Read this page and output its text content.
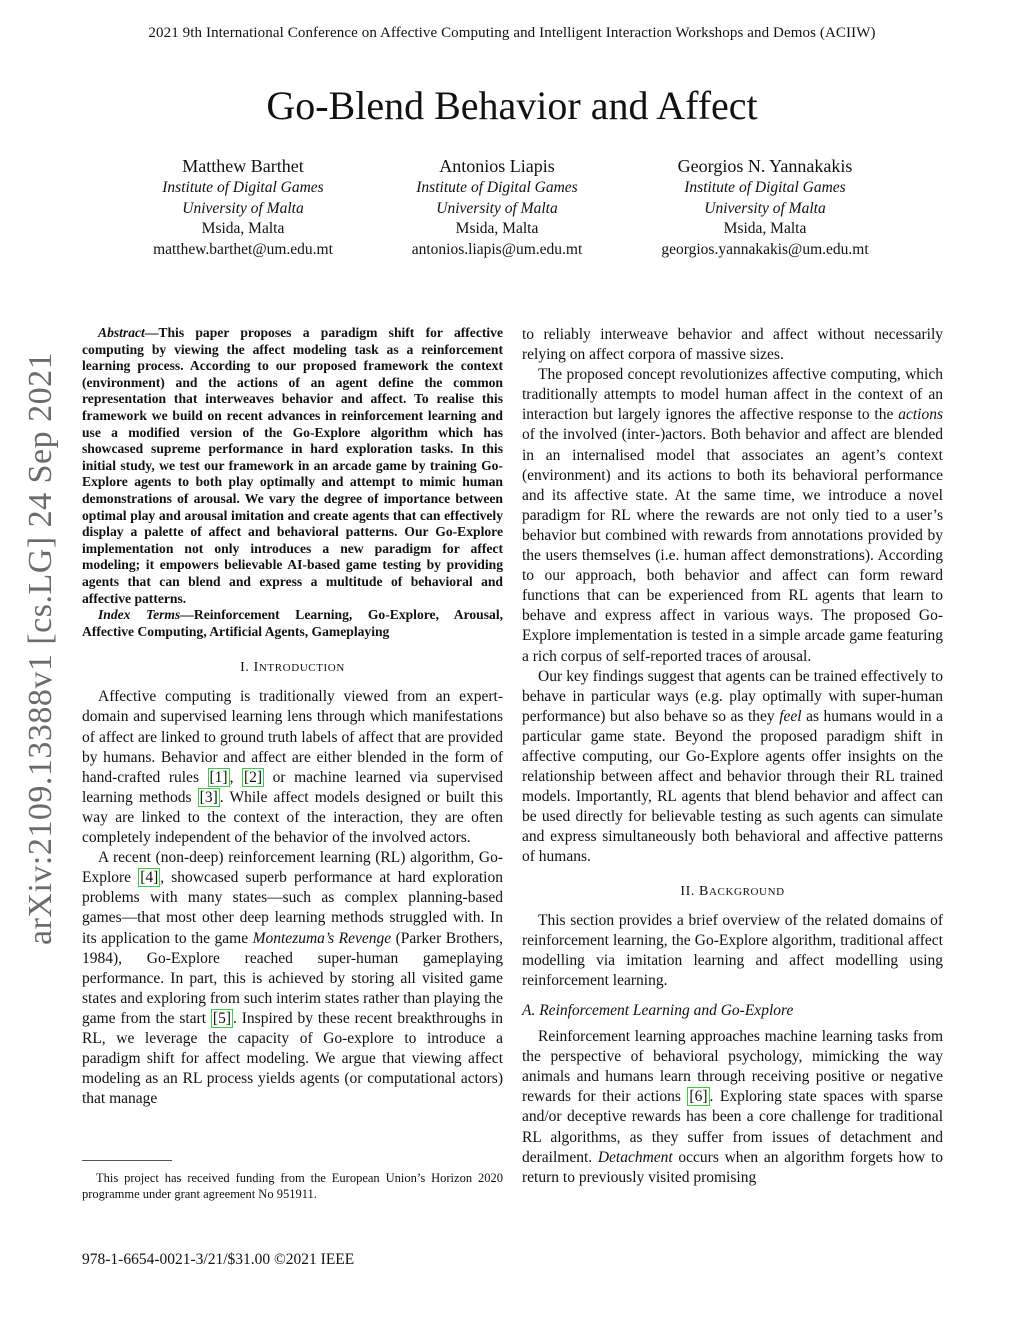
2021 9th International Conference on Affective Computing and Intelligent Interaction Workshops and Demos (ACIIW)
Go-Blend Behavior and Affect
Matthew Barthet
Institute of Digital Games
University of Malta
Msida, Malta
matthew.barthet@um.edu.mt
Antonios Liapis
Institute of Digital Games
University of Malta
Msida, Malta
antonios.liapis@um.edu.mt
Georgios N. Yannakakis
Institute of Digital Games
University of Malta
Msida, Malta
georgios.yannakakis@um.edu.mt
arXiv:2109.13388v1 [cs.LG] 24 Sep 2021

Abstract—This paper proposes a paradigm shift for affective computing by viewing the affect modeling task as a reinforcement learning process. According to our proposed framework the context (environment) and the actions of an agent define the common representation that interweaves behavior and affect. To realise this framework we build on recent advances in reinforcement learning and use a modified version of the Go-Explore algorithm which has showcased supreme performance in hard exploration tasks. In this initial study, we test our framework in an arcade game by training Go-Explore agents to both play optimally and attempt to mimic human demonstrations of arousal. We vary the degree of importance between optimal play and arousal imitation and create agents that can effectively display a palette of affect and behavioral patterns. Our Go-Explore implementation not only introduces a new paradigm for affect modeling; it empowers believable AI-based game testing by providing agents that can blend and express a multitude of behavioral and affective patterns.

Index Terms—Reinforcement Learning, Go-Explore, Arousal, Affective Computing, Artificial Agents, Gameplaying

I. INTRODUCTION

Affective computing is traditionally viewed from an expert-domain and supervised learning lens through which manifestations of affect are linked to ground truth labels of affect that are provided by humans. Behavior and affect are either blended in the form of hand-crafted rules [1] , [2] or machine learned via supervised learning methods [3] . While affect models designed or built this way are linked to the context of the interaction, they are often completely independent of the behavior of the involved actors.

A recent (non-deep) reinforcement learning (RL) algorithm, Go-Explore [4] , showcased superb performance at hard exploration problems with many states—such as complex planning-based games—that most other deep learning methods struggled with. In its application to the game Montezuma’s Revenge (Parker Brothers, 1984), Go-Explore reached super-human gameplaying performance. In part, this is achieved by storing all visited game states and exploring from such interim states rather than playing the game from the start [5] . Inspired by these recent breakthroughs in RL, we leverage the capacity of Go-explore to introduce a paradigm shift for affect modeling. We argue that viewing affect modeling as an RL process yields agents (or computational actors) that manage

This project has received funding from the European Union’s Horizon 2020 programme under grant agreement No 951911.
978-1-6654-0021-3/21/$31.00 ©2021 IEEE

to reliably interweave behavior and affect without necessarily relying on affect corpora of massive sizes.

The proposed concept revolutionizes affective computing, which traditionally attempts to model human affect in the context of an interaction but largely ignores the affective response to the actions of the involved (inter-)actors. Both behavior and affect are blended in an internalised model that associates an agent’s context (environment) and its actions to both its behavioral performance and its affective state. At the same time, we introduce a novel paradigm for RL where the rewards are not only tied to a user’s behavior but combined with rewards from annotations provided by the users themselves (i.e. human affect demonstrations). According to our approach, both behavior and affect can form reward functions that can be experienced from RL agents that learn to behave and express affect in various ways. The proposed Go-Explore implementation is tested in a simple arcade game featuring a rich corpus of self-reported traces of arousal.

Our key findings suggest that agents can be trained effectively to behave in particular ways (e.g. play optimally with super-human performance) but also behave so as they feel as humans would in a particular game state. Beyond the proposed paradigm shift in affective computing, our Go-Explore agents offer insights on the relationship between affect and behavior through their RL trained models. Importantly, RL agents that blend behavior and affect can be used directly for believable testing as such agents can simulate and express simultaneously both behavioral and affective patterns of humans.

II. BACKGROUND

This section provides a brief overview of the related domains of reinforcement learning, the Go-Explore algorithm, traditional affect modelling via imitation learning and affect modelling using reinforcement learning.

A. Reinforcement Learning and Go-Explore

Reinforcement learning approaches machine learning tasks from the perspective of behavioral psychology, mimicking the way animals and humans learn through receiving positive or negative rewards for their actions [6] . Exploring state spaces with sparse and/or deceptive rewards has been a core challenge for traditional RL algorithms, as they suffer from issues of detachment and derailment. Detachment occurs when an algorithm forgets how to return to previously visited promising
